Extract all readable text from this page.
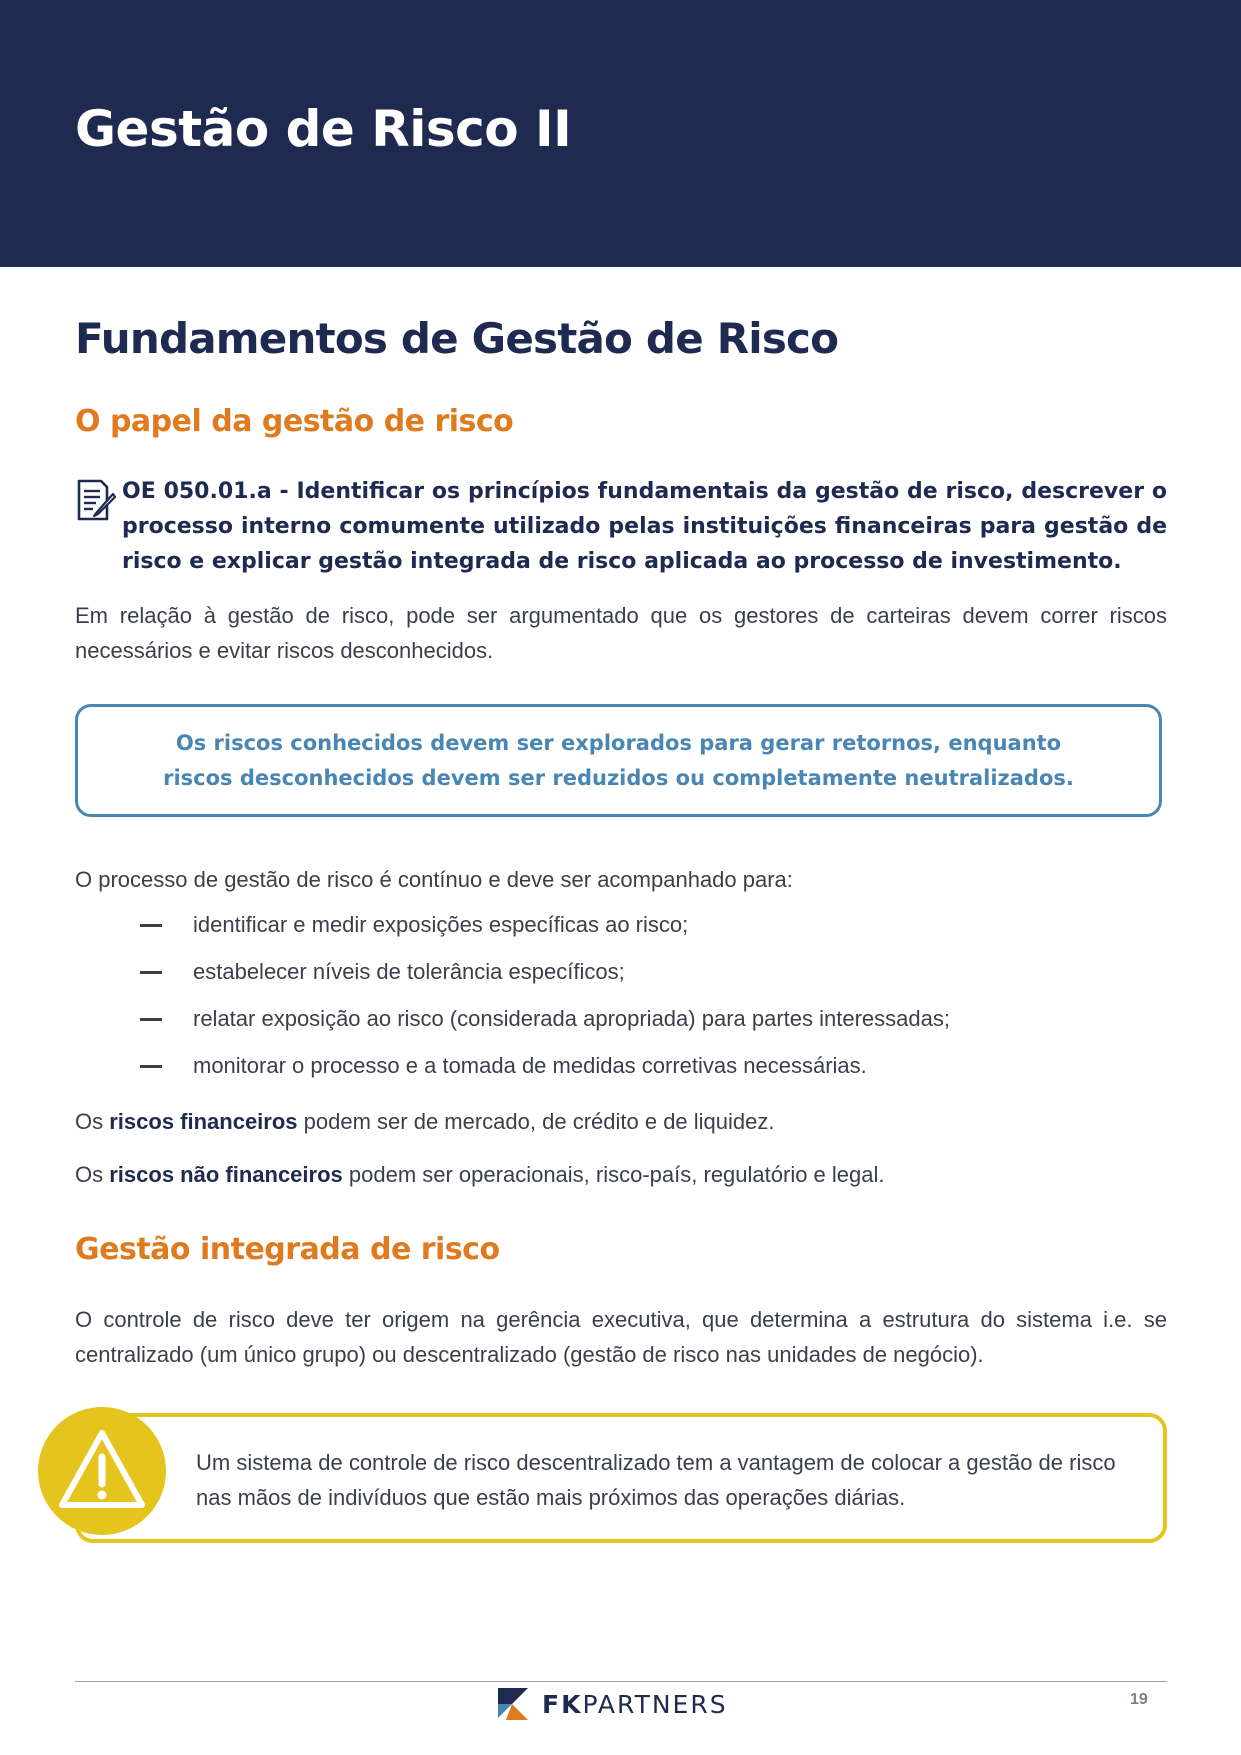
Gestão de Risco II
Fundamentos de Gestão de Risco
O papel da gestão de risco
OE 050.01.a - Identificar os princípios fundamentais da gestão de risco, descrever o processo interno comumente utilizado pelas instituições financeiras para gestão de risco e explicar gestão integrada de risco aplicada ao processo de investimento.
Em relação à gestão de risco, pode ser argumentado que os gestores de carteiras devem correr riscos necessários e evitar riscos desconhecidos.
Os riscos conhecidos devem ser explorados para gerar retornos, enquanto riscos desconhecidos devem ser reduzidos ou completamente neutralizados.
O processo de gestão de risco é contínuo e deve ser acompanhado para:
identificar e medir exposições específicas ao risco;
estabelecer níveis de tolerância específicos;
relatar exposição ao risco (considerada apropriada) para partes interessadas;
monitorar o processo e a tomada de medidas corretivas necessárias.
Os riscos financeiros podem ser de mercado, de crédito e de liquidez.
Os riscos não financeiros podem ser operacionais, risco-país, regulatório e legal.
Gestão integrada de risco
O controle de risco deve ter origem na gerência executiva, que determina a estrutura do sistema i.e. se centralizado (um único grupo) ou descentralizado (gestão de risco nas unidades de negócio).
Um sistema de controle de risco descentralizado tem a vantagem de colocar a gestão de risco nas mãos de indivíduos que estão mais próximos das operações diárias.
FKPARTNERS	19
